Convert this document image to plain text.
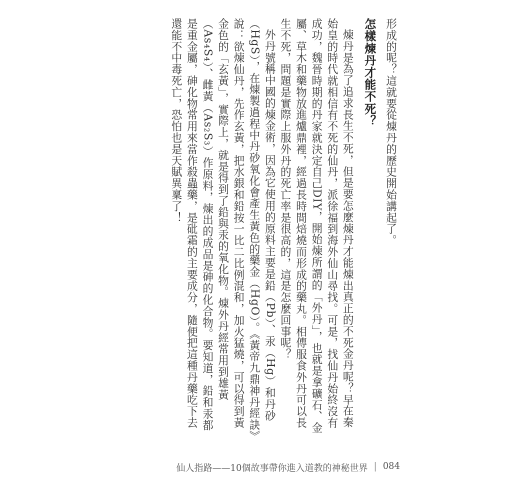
形成的呢？這就要從煉丹的歷史開始講起了。

怎樣煉丹才能不死？

煉丹是為了追求長生不死，但是要怎麼煉丹才能煉出真正的不死金丹呢？早在秦始皇的時代就相信有不死的仙丹，派徐福到海外仙山尋找。可是，找仙丹始終沒有成功，魏晉時期的丹家就決定自己DIY，開始煉所謂的「外丹」，也就是拿礦石、金屬、草木和藥物放進爐鼎裡，經過長時間焙燒而形成的藥丸。相傳服食外丹可以長生不死，問題是實際上服外丹的死亡率是很高的，這是怎麼回事呢？

外丹號稱中國的煉金術，因為它使用的原料主要是鉛（Pb）、汞（Hg）和丹砂（HgS），在煉製過程中丹砂氧化會產生黃色的藥金（HgO）。《黃帝九鼎神丹經訣》說：欲煉仙丹，先作玄黃，把水銀和鉛按一比二比例混和，加火猛燒，可以得到黃金色的「玄黃」，實際上，就是得到了鉛與汞的氧化物。煉外丹經常用到雄黃（As₄S₄）、雌黃（As₂S₃）作原料，煉出的成品是砷的化合物。要知道，鉛和汞都是重金屬，砷化物常用來當作殺蟲藥，是砒霜的主要成分，隨便把這種丹藥吃下去還能不中毒死亡，恐怕也是天賦異稟了！

仙人指路——10個故事帶你進入道教的神秘世界 | 084
